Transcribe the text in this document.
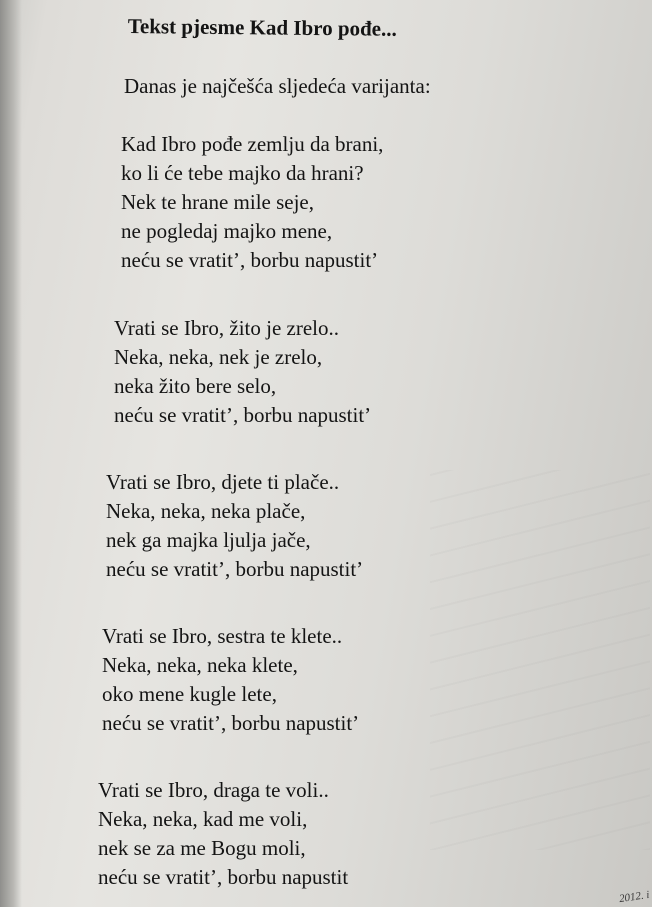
Tekst pjesme Kad Ibro pođe...

Danas je najčešća sljedeća varijanta:

Kad Ibro pođe zemlju da brani,
ko li će tebe majko da hrani?
Nek te hrane mile seje,
ne pogledaj majko mene,
neću se vratit’, borbu napustit’
Vrati se Ibro, žito je zrelo..
Neka, neka, nek je zrelo,
neka žito bere selo,
neću se vratit’, borbu napustit’
Vrati se Ibro, djete ti plače..
Neka, neka, neka plače,
nek ga majka ljulja jače,
neću se vratit’, borbu napustit’
Vrati se Ibro, sestra te klete..
Neka, neka, neka klete,
oko mene kugle lete,
neću se vratit’, borbu napustit’
Vrati se Ibro, draga te voli..
Neka, neka, kad me voli,
nek se za me Bogu moli,
neću se vratit’, borbu napustit
2012. i
